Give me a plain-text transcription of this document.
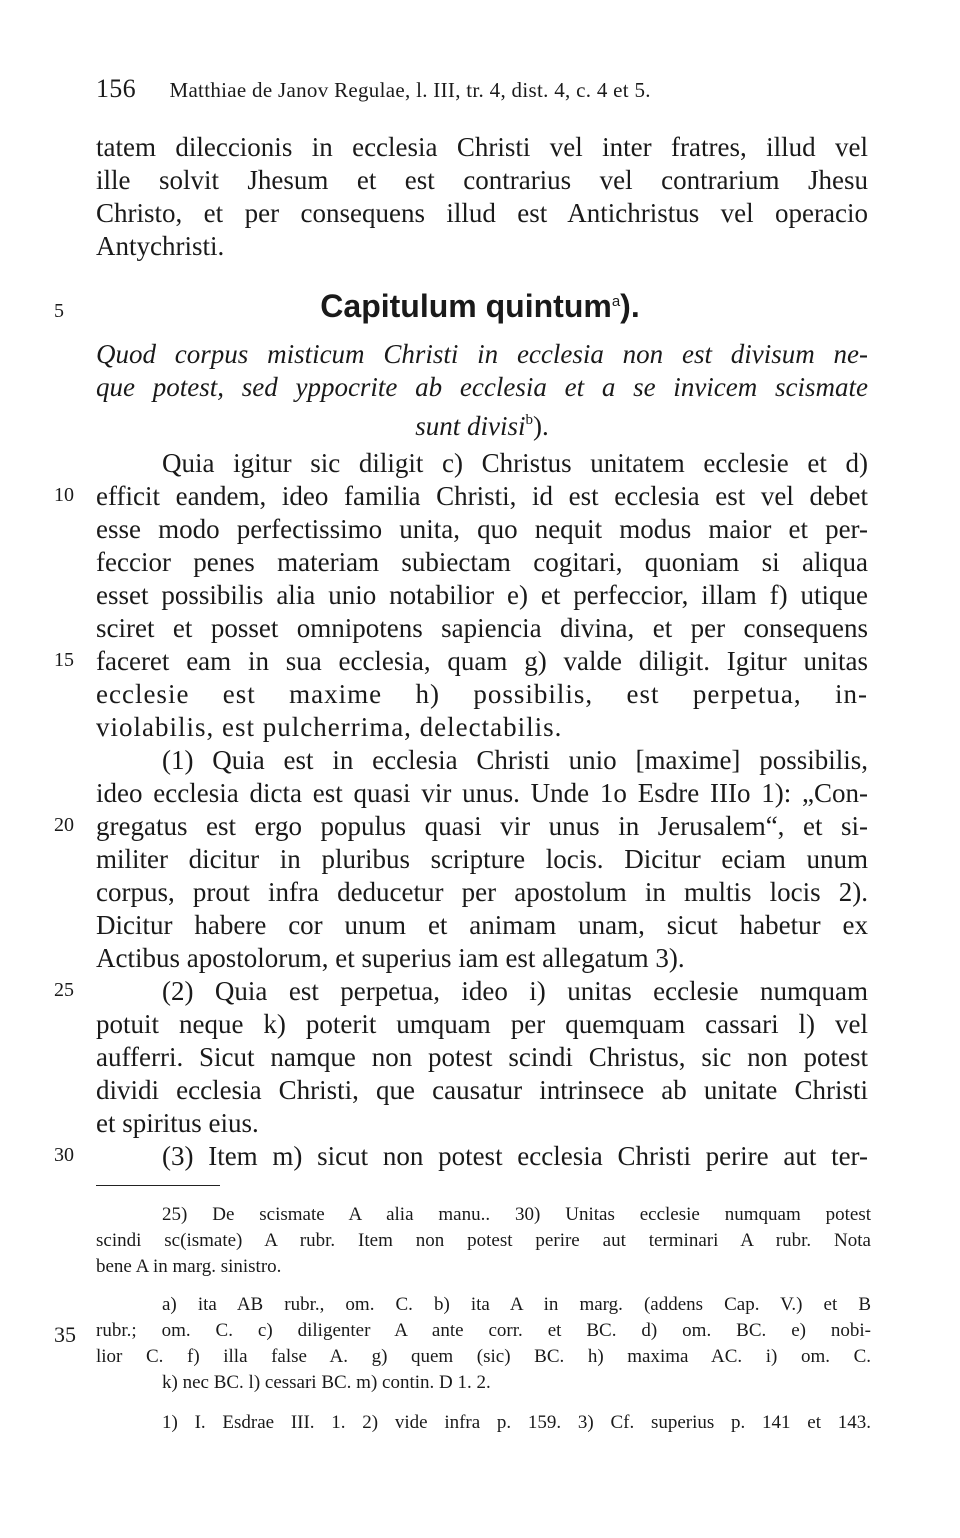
156 Matthiae de Janov Regulae, l. III, tr. 4, dist. 4, c. 4 et 5.
tatem dileccionis in ecclesia Christi vel inter fratres, illud vel
ille solvit Jhesum et est contrarius vel contrarium Jhesu
Christo, et per consequens illud est Antichristus vel operacio
Antychristi.
5	Capitulum quintum$^a$).
Quod corpus misticum Christi in ecclesia non est divisum ne-
que potest, sed yppocrite ab ecclesia et a se invicem scismate
sunt divisi$^b$).
Quia igitur sic diligit c) Christus unitatem ecclesie et d)
10 efficit eandem, ideo familia Christi, id est ecclesia est vel debet
esse modo perfectissimo unita, quo nequit modus maior et per-
feccior penes materiam subiectam cogitari, quoniam si aliqua
esset possibilis alia unio notabilior e) et perfeccior, illam f) utique
sciret et posset omnipotens sapiencia divina, et per consequens
15 faceret eam in sua ecclesia, quam g) valde diligit. Igitur unitas
ecclesie est maxime h) possibilis, est perpetua, in-
violabilis, est pulcherrima, delectabilis.
(1) Quia est in ecclesia Christi unio [maxime] possibilis,
ideo ecclesia dicta est quasi vir unus. Unde 1o Esdre IIIo 1): „Con-
20 gregatus est ergo populus quasi vir unus in Jerusalem“, et si-
militer dicitur in pluribus scripture locis. Dicitur eciam unum
corpus, prout infra deducetur per apostolum in multis locis 2).
Dicitur habere cor unum et animam unam, sicut habetur ex
Actibus apostolorum, et superius iam est allegatum 3).
25	(2) Quia est perpetua, ideo i) unitas ecclesie numquam
potuit neque k) poterit umquam per quemquam cassari l) vel
aufferri. Sicut namque non potest scindi Christus, sic non potest
dividi ecclesia Christi, que causatur intrinsece ab unitate Christi
et spiritus eius.
30	(3) Item m) sicut non potest ecclesia Christi perire aut ter-
25) De scismate A alia manu.. 30) Unitas ecclesie numquam potest
scindi sc(ismate) A rubr. Item non potest perire aut terminari A rubr. Nota
bene A in marg. sinistro.
a) ita AB rubr., om. C. b) ita A in marg. (addens Cap. V.) et B
35 rubr.; om. C. c) diligenter A ante corr. et BC. d) om. BC. e) nobi-
lior C. f) illa false A. g) quem (sic) BC. h) maxima AC. i) om. C.
k) nec BC. l) cessari BC. m) contin. D 1. 2.
1) I. Esdrae III. 1. 2) vide infra p. 159. 3) Cf. superius p. 141 et 143.
